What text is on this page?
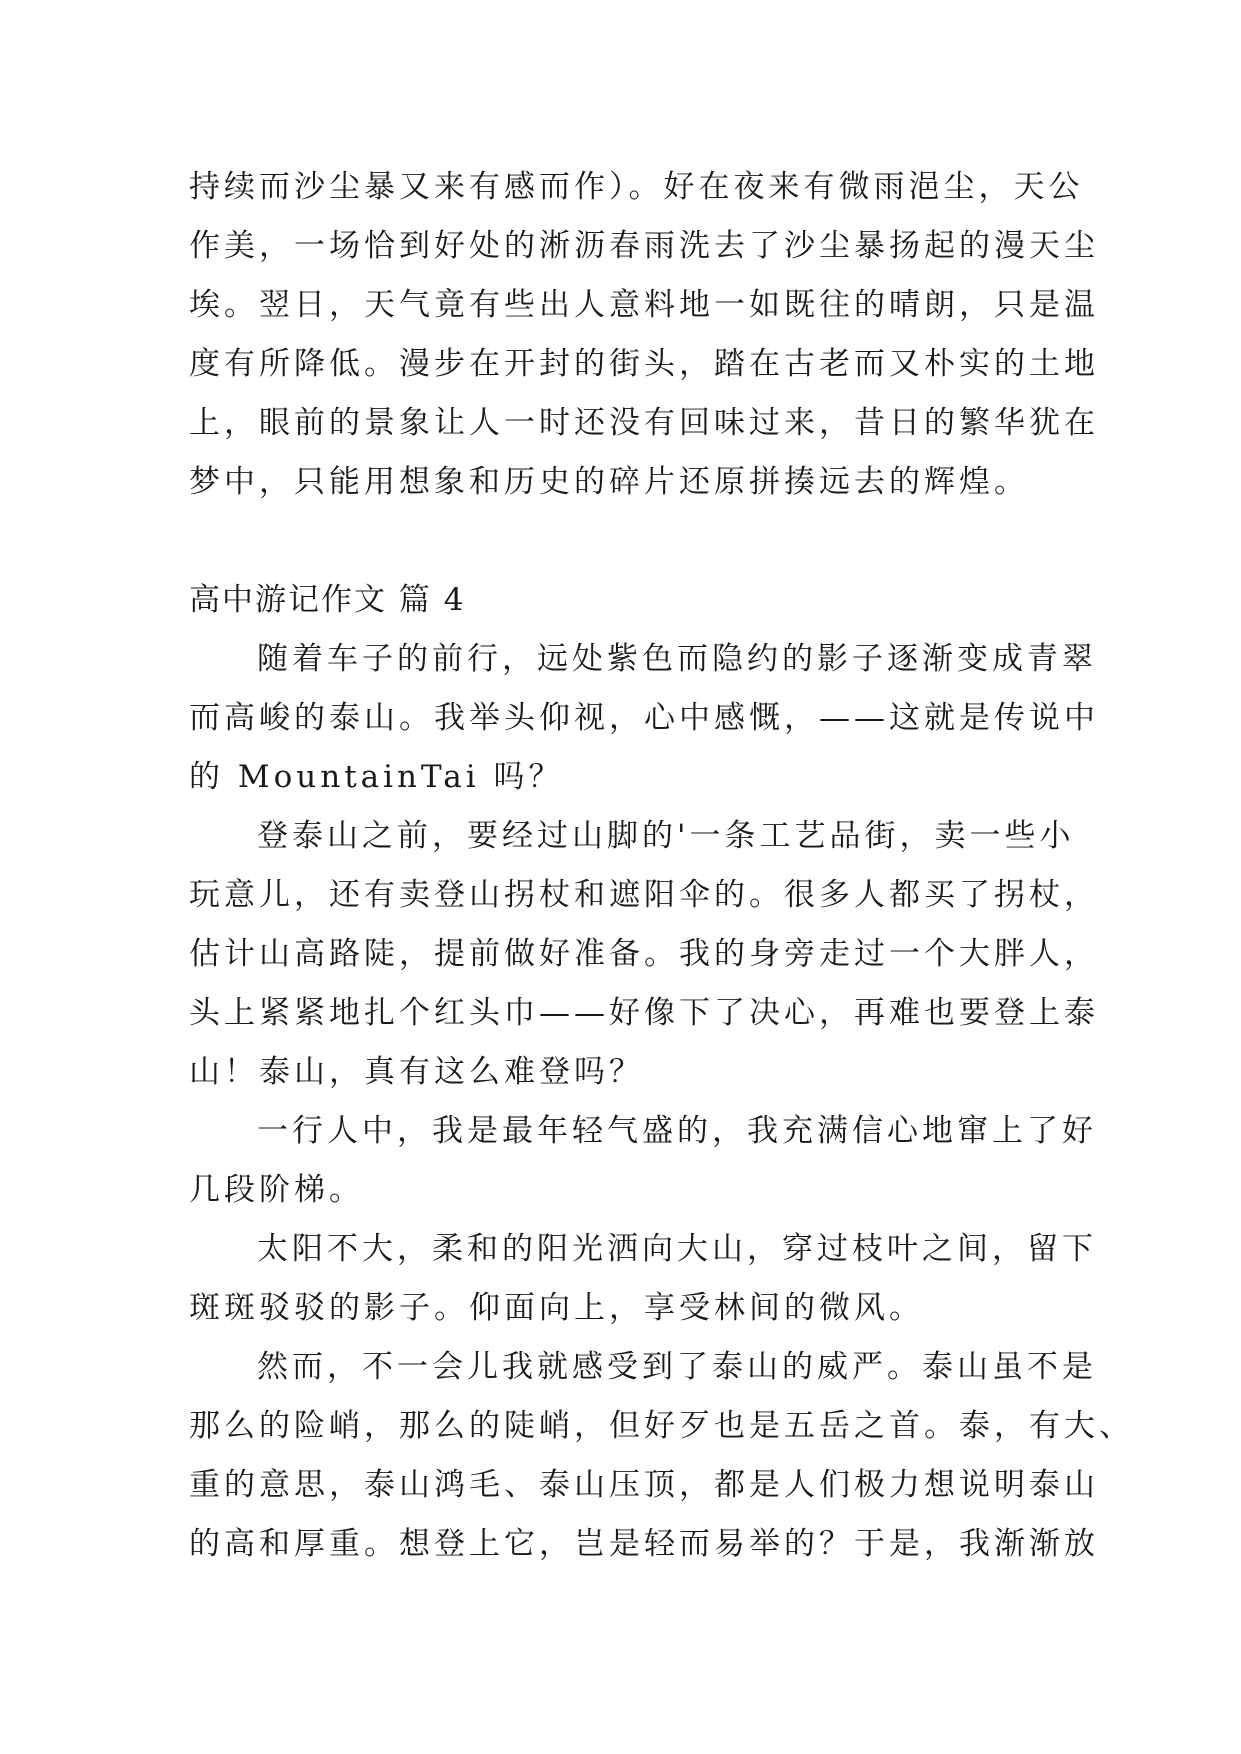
持续而沙尘暴又来有感而作）。好在夜来有微雨浥尘，天公
作美，一场恰到好处的淅沥春雨洗去了沙尘暴扬起的漫天尘
埃。翌日，天气竟有些出人意料地一如既往的晴朗，只是温
度有所降低。漫步在开封的街头，踏在古老而又朴实的土地
上，眼前的景象让人一时还没有回味过来，昔日的繁华犹在
梦中，只能用想象和历史的碎片还原拼揍远去的辉煌。
高中游记作文 篇 4
随着车子的前行，远处紫色而隐约的影子逐渐变成青翠
而高峻的泰山。我举头仰视，心中感慨，——这就是传说中
的 MountainTai 吗？
登泰山之前，要经过山脚的'一条工艺品街，卖一些小
玩意儿，还有卖登山拐杖和遮阳伞的。很多人都买了拐杖，
估计山高路陡，提前做好准备。我的身旁走过一个大胖人，
头上紧紧地扎个红头巾——好像下了决心，再难也要登上泰
山！泰山，真有这么难登吗？
一行人中，我是最年轻气盛的，我充满信心地窜上了好
几段阶梯。
太阳不大，柔和的阳光洒向大山，穿过枝叶之间，留下
斑斑驳驳的影子。仰面向上，享受林间的微风。
然而，不一会儿我就感受到了泰山的威严。泰山虽不是
那么的险峭，那么的陡峭，但好歹也是五岳之首。泰，有大、
重的意思，泰山鸿毛、泰山压顶，都是人们极力想说明泰山
的高和厚重。想登上它，岂是轻而易举的？于是，我渐渐放
